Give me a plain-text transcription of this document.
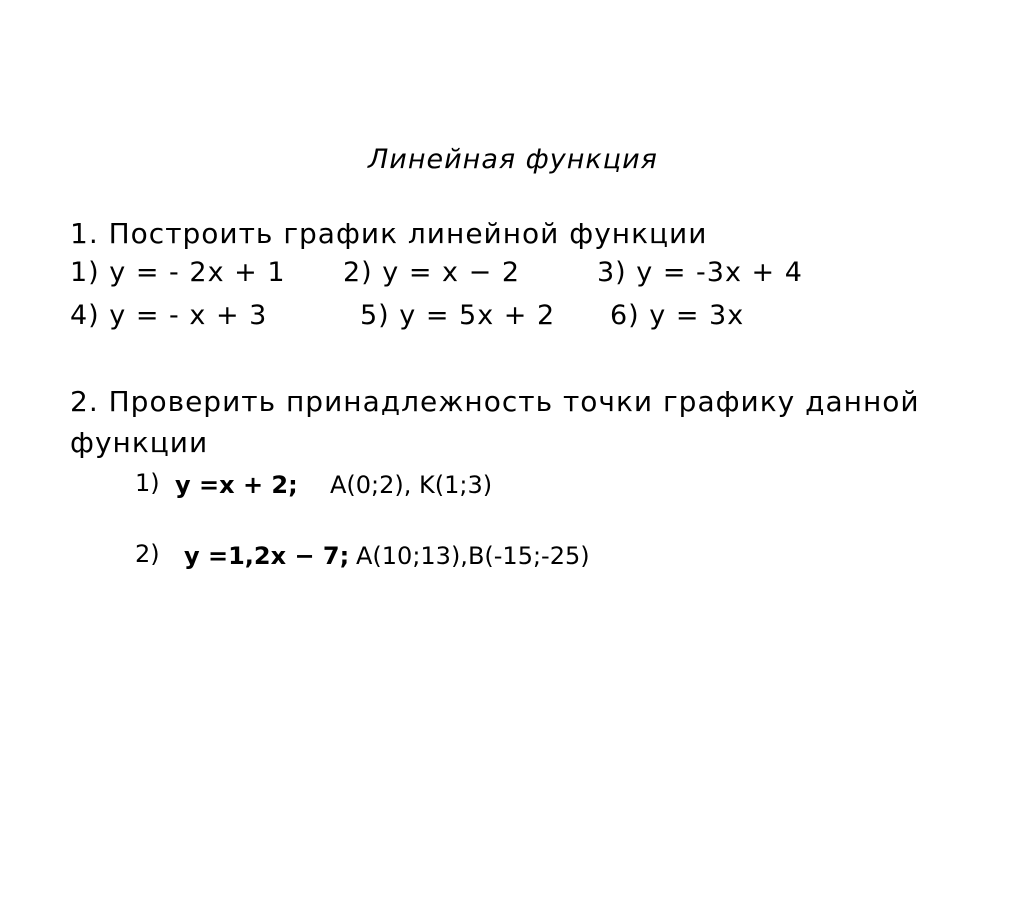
Линейная функция
1. Построить график линейной функции
1) y = - 2x + 1 2) y = x − 2	3) y = -3x + 4
4) y = - x + 3	5) y = 5x + 2 6) y = 3x
2. Проверить принадлежность точки графику данной
функции
1) y =x + 2; A(0;2), K(1;3)
2) y =1,2x − 7; A(10;13),B(-15;-25)
